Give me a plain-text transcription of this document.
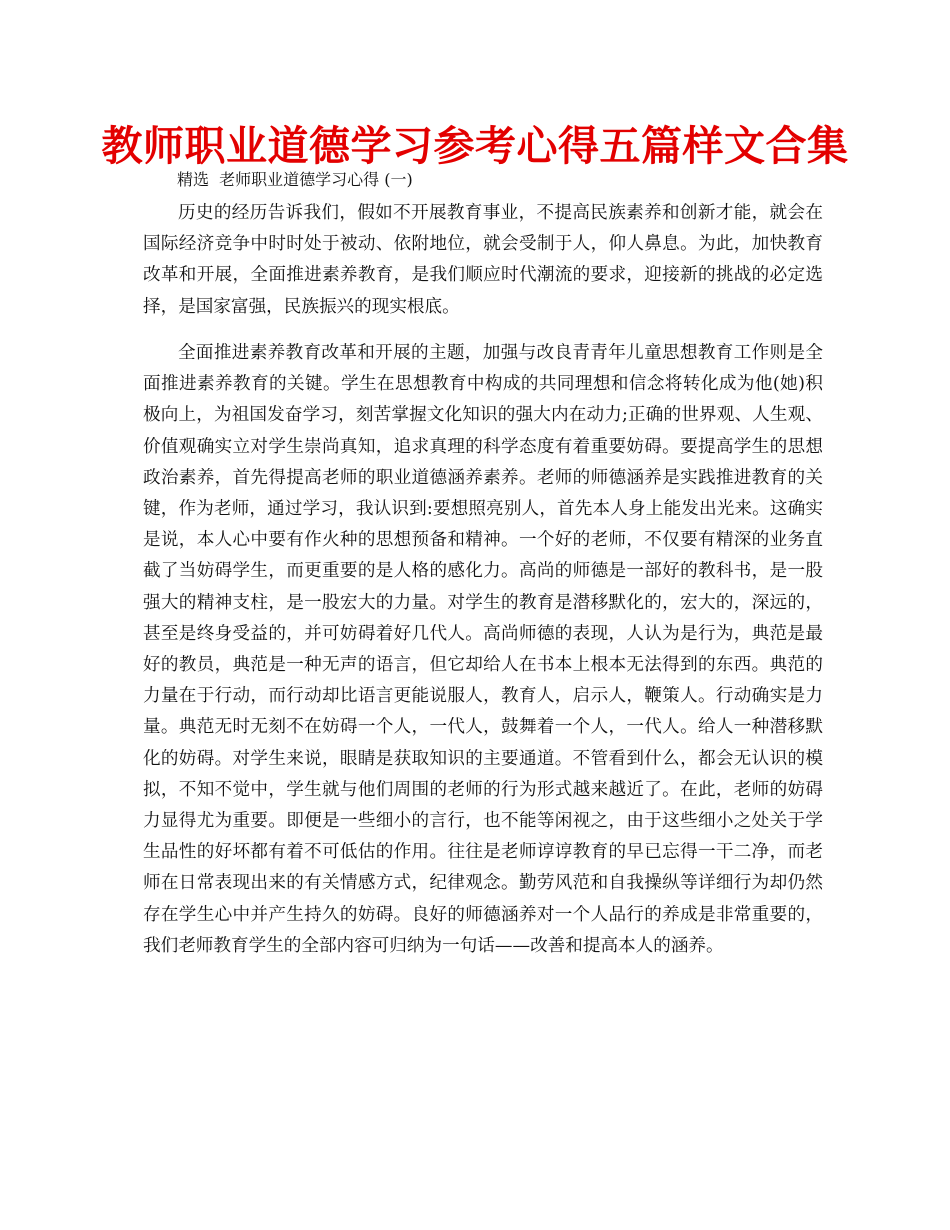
教师职业道德学习参考心得五篇样文合集
精选  老师职业道德学习心得 (一)

历史的经历告诉我们，假如不开展教育事业，不提高民族素养和创新才能，就会在国际经济竞争中时时处于被动、依附地位，就会受制于人，仰人鼻息。为此，加快教育改革和开展，全面推进素养教育，是我们顺应时代潮流的要求，迎接新的挑战的必定选择，是国家富强，民族振兴的现实根底。

全面推进素养教育改革和开展的主题，加强与改良青青年儿童思想教育工作则是全面推进素养教育的关键。学生在思想教育中构成的共同理想和信念将转化成为他(她)积极向上，为祖国发奋学习，刻苦掌握文化知识的强大内在动力;正确的世界观、人生观、价值观确实立对学生崇尚真知，追求真理的科学态度有着重要妨碍。要提高学生的思想政治素养，首先得提高老师的职业道德涵养素养。老师的师德涵养是实践推进教育的关键，作为老师，通过学习，我认识到:要想照亮别人，首先本人身上能发出光来。这确实是说，本人心中要有作火种的思想预备和精神。一个好的老师，不仅要有精深的业务直截了当妨碍学生，而更重要的是人格的感化力。高尚的师德是一部好的教科书，是一股强大的精神支柱，是一股宏大的力量。对学生的教育是潜移默化的，宏大的，深远的，甚至是终身受益的，并可妨碍着好几代人。高尚师德的表现，人认为是行为，典范是最好的教员，典范是一种无声的语言，但它却给人在书本上根本无法得到的东西。典范的力量在于行动，而行动却比语言更能说服人，教育人，启示人，鞭策人。行动确实是力量。典范无时无刻不在妨碍一个人，一代人，鼓舞着一个人，一代人。给人一种潜移默化的妨碍。对学生来说，眼睛是获取知识的主要通道。不管看到什么，都会无认识的模拟，不知不觉中，学生就与他们周围的老师的行为形式越来越近了。在此，老师的妨碍力显得尤为重要。即便是一些细小的言行，也不能等闲视之，由于这些细小之处关于学生品性的好坏都有着不可低估的作用。往往是老师谆谆教育的早已忘得一干二净，而老师在日常表现出来的有关情感方式，纪律观念。勤劳风范和自我操纵等详细行为却仍然存在学生心中并产生持久的妨碍。良好的师德涵养对一个人品行的养成是非常重要的，我们老师教育学生的全部内容可归纳为一句话——改善和提高本人的涵养。
